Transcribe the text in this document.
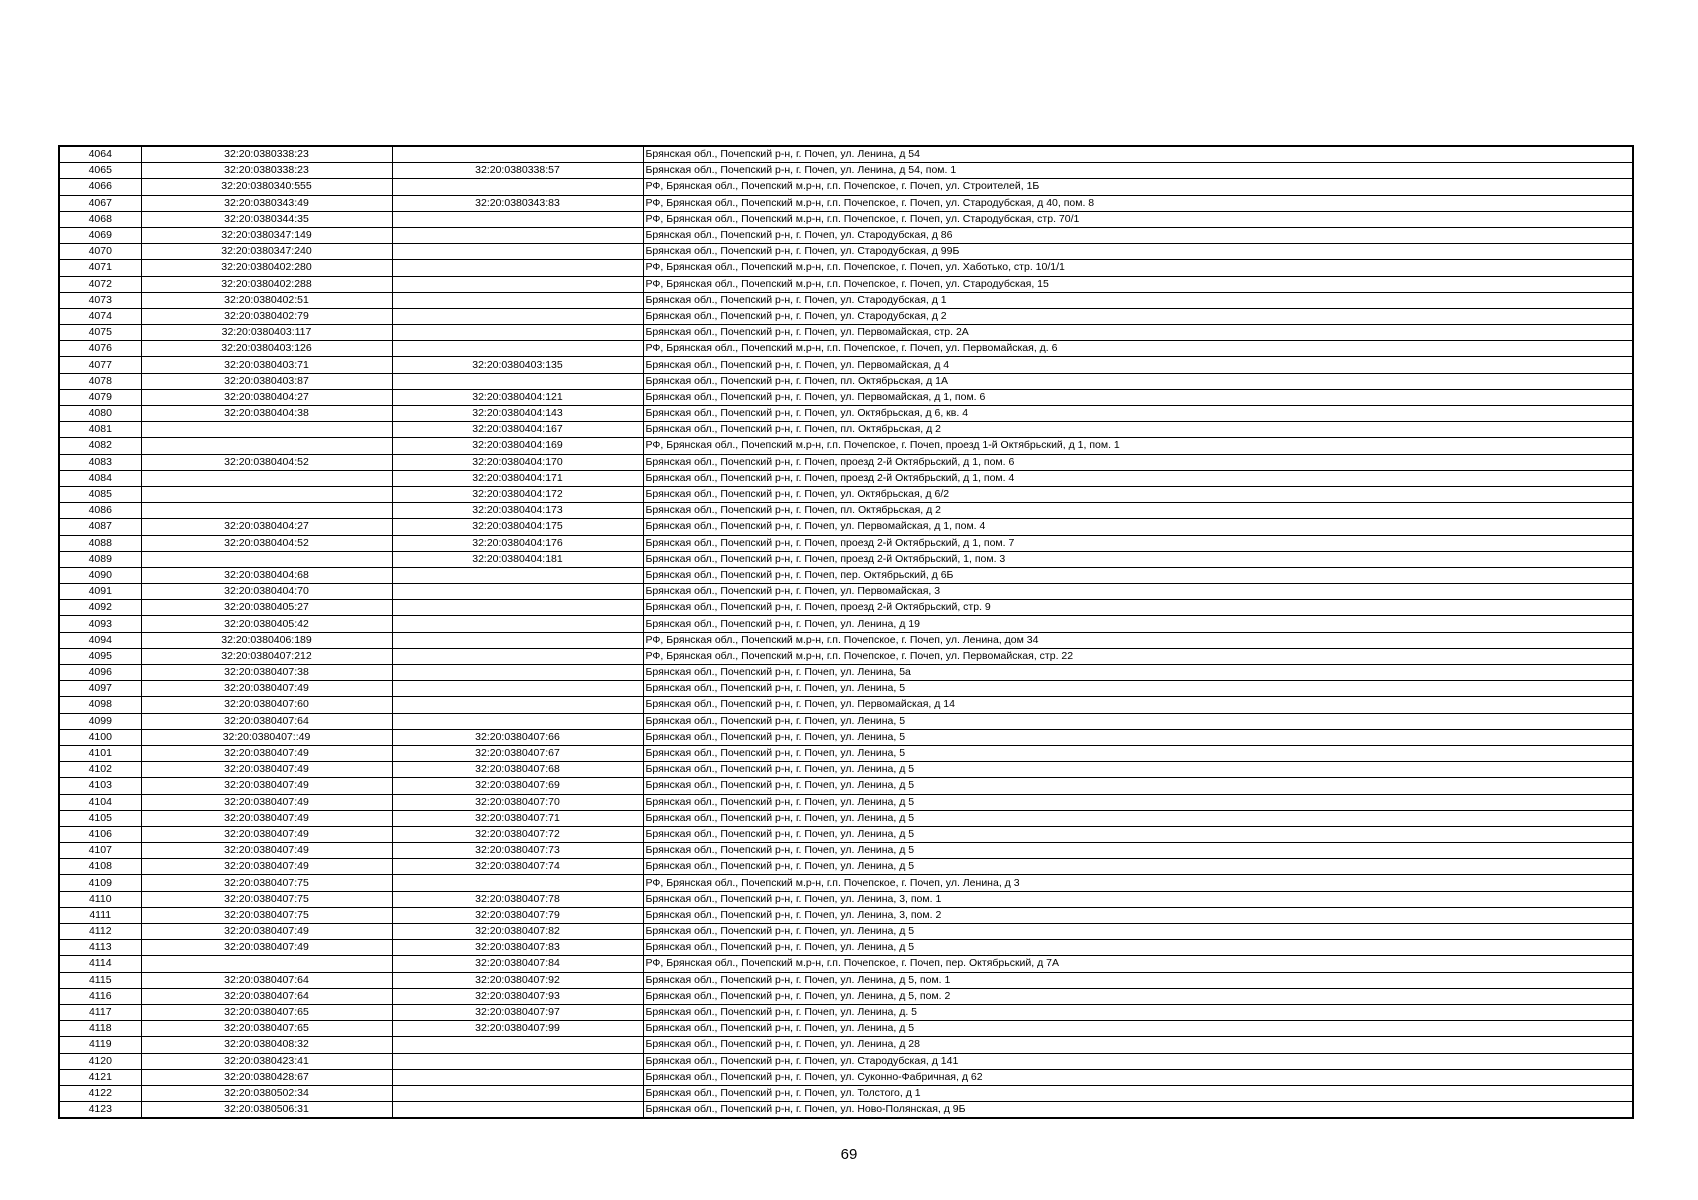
4064	32:20:0380338:23		Брянская обл., Почепский р-н, г. Почеп, ул. Ленина, д 54
4065	32:20:0380338:23	32:20:0380338:57	Брянская обл., Почепский р-н, г. Почеп, ул. Ленина, д 54, пом. 1
4066	32:20:0380340:555		РФ, Брянская обл., Почепский м.р-н, г.п. Почепское, г. Почеп, ул. Строителей, 1Б
4067	32:20:0380343:49	32:20:0380343:83	РФ, Брянская обл., Почепский м.р-н, г.п. Почепское, г. Почеп, ул. Стародубская, д 40, пом. 8
4068	32:20:0380344:35		РФ, Брянская обл., Почепский м.р-н, г.п. Почепское, г. Почеп, ул. Стародубская, стр. 70/1
4069	32:20:0380347:149		Брянская обл., Почепский р-н, г. Почеп, ул. Стародубская, д 86
4070	32:20:0380347:240		Брянская обл., Почепский р-н, г. Почеп, ул. Стародубская, д 99Б
4071	32:20:0380402:280		РФ, Брянская обл., Почепский м.р-н, г.п. Почепское, г. Почеп, ул. Хаботько, стр. 10/1/1
4072	32:20:0380402:288		РФ, Брянская обл., Почепский м.р-н, г.п. Почепское, г. Почеп, ул. Стародубская, 15
4073	32:20:0380402:51		Брянская обл., Почепский р-н, г. Почеп, ул. Стародубская, д 1
4074	32:20:0380402:79		Брянская обл., Почепский р-н, г. Почеп, ул. Стародубская, д 2
4075	32:20:0380403:117		Брянская обл., Почепский р-н, г. Почеп, ул. Первомайская, стр. 2А
4076	32:20:0380403:126		РФ, Брянская обл., Почепский м.р-н, г.п. Почепское, г. Почеп, ул. Первомайская, д. 6
4077	32:20:0380403:71	32:20:0380403:135	Брянская обл., Почепский р-н, г. Почеп, ул. Первомайская, д 4
4078	32:20:0380403:87		Брянская обл., Почепский р-н, г. Почеп, пл. Октябрьская, д 1А
4079	32:20:0380404:27	32:20:0380404:121	Брянская обл., Почепский р-н, г. Почеп, ул. Первомайская, д 1, пом. 6
4080	32:20:0380404:38	32:20:0380404:143	Брянская обл., Почепский р-н, г. Почеп, ул. Октябрьская, д 6, кв. 4
4081		32:20:0380404:167	Брянская обл., Почепский р-н, г. Почеп, пл. Октябрьская, д 2
4082		32:20:0380404:169	РФ, Брянская обл., Почепский м.р-н, г.п. Почепское, г. Почеп, проезд 1-й Октябрьский, д 1, пом. 1
4083	32:20:0380404:52	32:20:0380404:170	Брянская обл., Почепский р-н, г. Почеп, проезд 2-й Октябрьский, д 1, пом. 6
4084		32:20:0380404:171	Брянская обл., Почепский р-н, г. Почеп, проезд 2-й Октябрьский, д 1, пом. 4
4085		32:20:0380404:172	Брянская обл., Почепский р-н, г. Почеп, ул. Октябрьская, д 6/2
4086		32:20:0380404:173	Брянская обл., Почепский р-н, г. Почеп, пл. Октябрьская, д 2
4087	32:20:0380404:27	32:20:0380404:175	Брянская обл., Почепский р-н, г. Почеп, ул. Первомайская, д 1, пом. 4
4088	32:20:0380404:52	32:20:0380404:176	Брянская обл., Почепский р-н, г. Почеп, проезд 2-й Октябрьский, д 1, пом. 7
4089		32:20:0380404:181	Брянская обл., Почепский р-н, г. Почеп, проезд 2-й Октябрьский, 1, пом. 3
4090	32:20:0380404:68		Брянская обл., Почепский р-н, г. Почеп, пер. Октябрьский, д 6Б
4091	32:20:0380404:70		Брянская обл., Почепский р-н, г. Почеп, ул. Первомайская, 3
4092	32:20:0380405:27		Брянская обл., Почепский р-н, г. Почеп, проезд 2-й Октябрьский, стр. 9
4093	32:20:0380405:42		Брянская обл., Почепский р-н, г. Почеп, ул. Ленина, д 19
4094	32:20:0380406:189		РФ, Брянская обл., Почепский м.р-н, г.п. Почепское, г. Почеп, ул. Ленина, дом 34
4095	32:20:0380407:212		РФ, Брянская обл., Почепский м.р-н, г.п. Почепское, г. Почеп, ул. Первомайская, стр. 22
4096	32:20:0380407:38		Брянская обл., Почепский р-н, г. Почеп, ул. Ленина, 5а
4097	32:20:0380407:49		Брянская обл., Почепский р-н, г. Почеп, ул. Ленина, 5
4098	32:20:0380407:60		Брянская обл., Почепский р-н, г. Почеп, ул. Первомайская, д 14
4099	32:20:0380407:64		Брянская обл., Почепский р-н, г. Почеп, ул. Ленина, 5
4100	32:20:0380407::49	32:20:0380407:66	Брянская обл., Почепский р-н, г. Почеп, ул. Ленина, 5
4101	32:20:0380407:49	32:20:0380407:67	Брянская обл., Почепский р-н, г. Почеп, ул. Ленина, 5
4102	32:20:0380407:49	32:20:0380407:68	Брянская обл., Почепский р-н, г. Почеп, ул. Ленина, д 5
4103	32:20:0380407:49	32:20:0380407:69	Брянская обл., Почепский р-н, г. Почеп, ул. Ленина, д 5
4104	32:20:0380407:49	32:20:0380407:70	Брянская обл., Почепский р-н, г. Почеп, ул. Ленина, д 5
4105	32:20:0380407:49	32:20:0380407:71	Брянская обл., Почепский р-н, г. Почеп, ул. Ленина, д 5
4106	32:20:0380407:49	32:20:0380407:72	Брянская обл., Почепский р-н, г. Почеп, ул. Ленина, д 5
4107	32:20:0380407:49	32:20:0380407:73	Брянская обл., Почепский р-н, г. Почеп, ул. Ленина, д 5
4108	32:20:0380407:49	32:20:0380407:74	Брянская обл., Почепский р-н, г. Почеп, ул. Ленина, д 5
4109	32:20:0380407:75		РФ, Брянская обл., Почепский м.р-н, г.п. Почепское, г. Почеп, ул. Ленина, д 3
4110	32:20:0380407:75	32:20:0380407:78	Брянская обл., Почепский р-н, г. Почеп, ул. Ленина, 3, пом. 1
4111	32:20:0380407:75	32:20:0380407:79	Брянская обл., Почепский р-н, г. Почеп, ул. Ленина, 3, пом. 2
4112	32:20:0380407:49	32:20:0380407:82	Брянская обл., Почепский р-н, г. Почеп, ул. Ленина, д 5
4113	32:20:0380407:49	32:20:0380407:83	Брянская обл., Почепский р-н, г. Почеп, ул. Ленина, д 5
4114		32:20:0380407:84	РФ, Брянская обл., Почепский м.р-н, г.п. Почепское, г. Почеп, пер. Октябрьский, д 7А
4115	32:20:0380407:64	32:20:0380407:92	Брянская обл., Почепский р-н, г. Почеп, ул. Ленина, д 5, пом. 1
4116	32:20:0380407:64	32:20:0380407:93	Брянская обл., Почепский р-н, г. Почеп, ул. Ленина, д 5, пом. 2
4117	32:20:0380407:65	32:20:0380407:97	Брянская обл., Почепский р-н, г. Почеп, ул. Ленина, д. 5
4118	32:20:0380407:65	32:20:0380407:99	Брянская обл., Почепский р-н, г. Почеп, ул. Ленина, д 5
4119	32:20:0380408:32		Брянская обл., Почепский р-н, г. Почеп, ул. Ленина, д 28
4120	32:20:0380423:41		Брянская обл., Почепский р-н, г. Почеп, ул. Стародубская, д 141
4121	32:20:0380428:67		Брянская обл., Почепский р-н, г. Почеп, ул. Суконно-Фабричная, д 62
4122	32:20:0380502:34		Брянская обл., Почепский р-н, г. Почеп, ул. Толстого, д 1
4123	32:20:0380506:31		Брянская обл., Почепский р-н, г. Почеп, ул. Ново-Полянская, д 9Б
69
